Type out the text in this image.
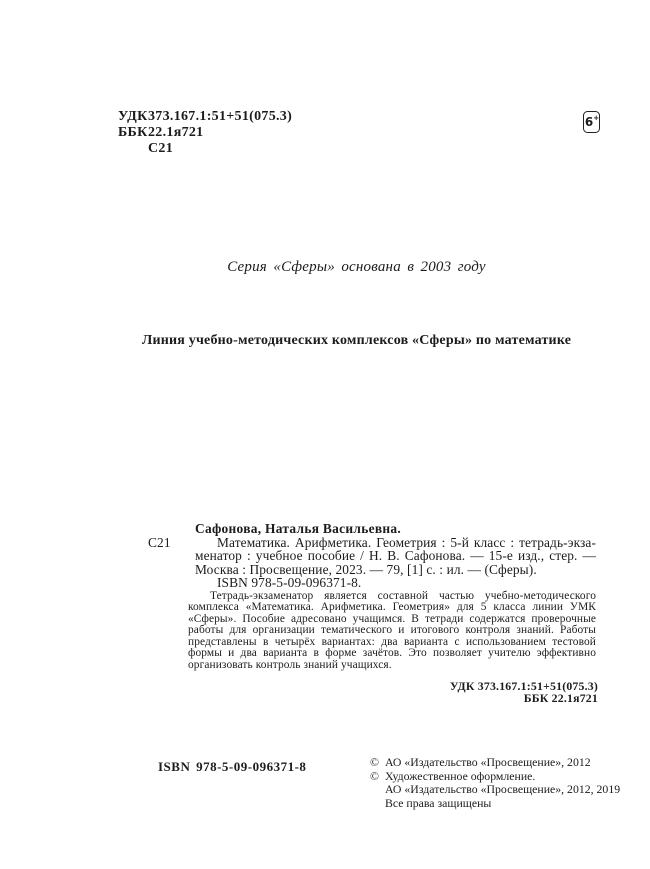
УДК 373.167.1:51+51(075.3)
ББК 22.1я721
С21
6 +
Серия «Сферы» основана в 2003 году
Линия учебно-методических комплексов «Сферы» по математике
Сафонова, Наталья Васильевна.
С21	Математика. Арифметика. Геометрия : 5-й класс : тетрадь-экза-
менатор : учебное пособие / Н. В. Сафонова. — 15-е изд., стер. —
Москва : Просвещение, 2023. — 79, [1] с. : ил. — (Сферы).
ISBN 978-5-09-096371-8.
Тетрадь-экзаменатор является составной частью учебно-методического
комплекса «Математика. Арифметика. Геометрия» для 5 класса линии УМК
«Сферы». Пособие адресовано учащимся. В тетради содержатся проверочные
работы для организации тематического и итогового контроля знаний. Работы
представлены в четырёх вариантах: два варианта с использованием тестовой
формы и два варианта в форме зачётов. Это позволяет учителю эффективно
организовать контроль знаний учащихся.
УДК 373.167.1:51+51(075.3)
ББК 22.1я721
ISBN 978-5-09-096371-8	© АО «Издательство «Просвещение», 2012
© Художественное оформление.
АО «Издательство «Просвещение», 2012, 2019
Все права защищены
